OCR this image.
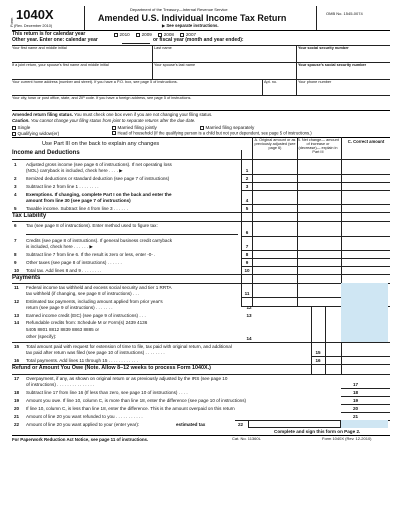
Form
1040X
(Rev. December 2010)
Department of the Treasury—Internal Revenue Service
Amended U.S. Individual Income Tax Return
▶ See separate instructions.
OMB No. 1545-0074
This return is for calendar year	2010	2009	2008	2007
Other year. Enter one: calendar year	or fiscal year (month and year ended):
Your first name and middle initial	Last name	Your social security number
If a joint return, your spouse's first name and middle initial	Your spouse's last name	Your spouse's social security number
Your current home address (number and street). If you have a P.O. box, see page 5 of instructions.	Apt. no.	Your phone number
Your city, town or post office, state, and ZIP code. If you have a foreign address, see page 5 of instructions.
Amended return filing status. You must check one box even if you are not changing your filing status.
Caution. You cannot change your filing status from joint to separate returns after the due date.
Single	Married filing jointly	Married filing separately
Qualifying widow(er)	Head of household (If the qualifying person is a child but not your dependent, see page 5 of instructions.)
Use Part III on the back to explain any changes
A. Original amount or as previously adjusted (see page 6)
B. Net change— amount of increase or (decrease)— explain in Part III
C. Correct amount
Income and Deductions
1	Adjusted gross income (see page 6 of instructions). If net operating loss
(NOL) carryback is included, check here . . . . ▶	1
2	Itemized deductions or standard deduction (see page 7 of instructions)	2
3	Subtract line 2 from line 1 . . . . . . . .	3
4	Exemptions. If changing, complete Part I on the back and enter the
amount from line 30 (see page 7 of instructions)	4
5	Taxable income. Subtract line 4 from line 3 . . . . . .	5
Tax Liability
6	Tax (see page 8 of instructions). Enter method used to figure tax:
6
7	Credits (see page 8 of instructions). If general business credit carryback
is included, check here . . . . . . ▶	7
8	Subtract line 7 from line 6. If the result is zero or less, enter -0- .	8
9	Other taxes (see page 8 of instructions) . . . . . .	9
10	Total tax. Add lines 8 and 9 . . . . . . . .	10
Payments
11	Federal income tax withheld and excess social security and tier 1 RRTA
tax withheld (if changing, see page 8 of instructions) . . .	11
12	Estimated tax payments, including amount applied from prior year's
return (see page 9 of instructions) . . . . . . .	12
13	Earned income credit (EIC) (see page 9 of instructions) . . .	13
14	Refundable credits from: Schedule M or Form(s) 2439 4136
5405 8801 8812 8839 8863 8885 or
other (specify):	14
15	Total amount paid with request for extension of time to file, tax paid with original return, and additional
tax paid after return was filed (see page 10 of instructions) . . . . . . . .	15
16	Total payments. Add lines 11 through 15 . . . . . . . . . . . .	16
Refund or Amount You Owe (Note. Allow 8–12 weeks to process Form 1040X.)
17	Overpayment, if any, as shown on original return or as previously adjusted by the IRS (see page 10
of instructions) . . . . . . . . . . . . . . .	17
18	Subtract line 17 from line 16 (If less than zero, see page 10 of instructions) . . . .	18
19	Amount you owe. If line 10, column C, is more than line 18, enter the difference (see page 10 of instructions)	19
20	If line 10, column C, is less than line 18, enter the difference. This is the amount overpaid on this return	20
21	Amount of line 20 you want refunded to you . . . . . . . . . . .	21
22	Amount of line 20 you want applied to your (enter year):	estimated tax	22
Complete and sign this form on Page 2.
For Paperwork Reduction Act Notice, see page 11 of instructions.	Cat. No. 11360L	Form 1040X (Rev. 12-2010)
